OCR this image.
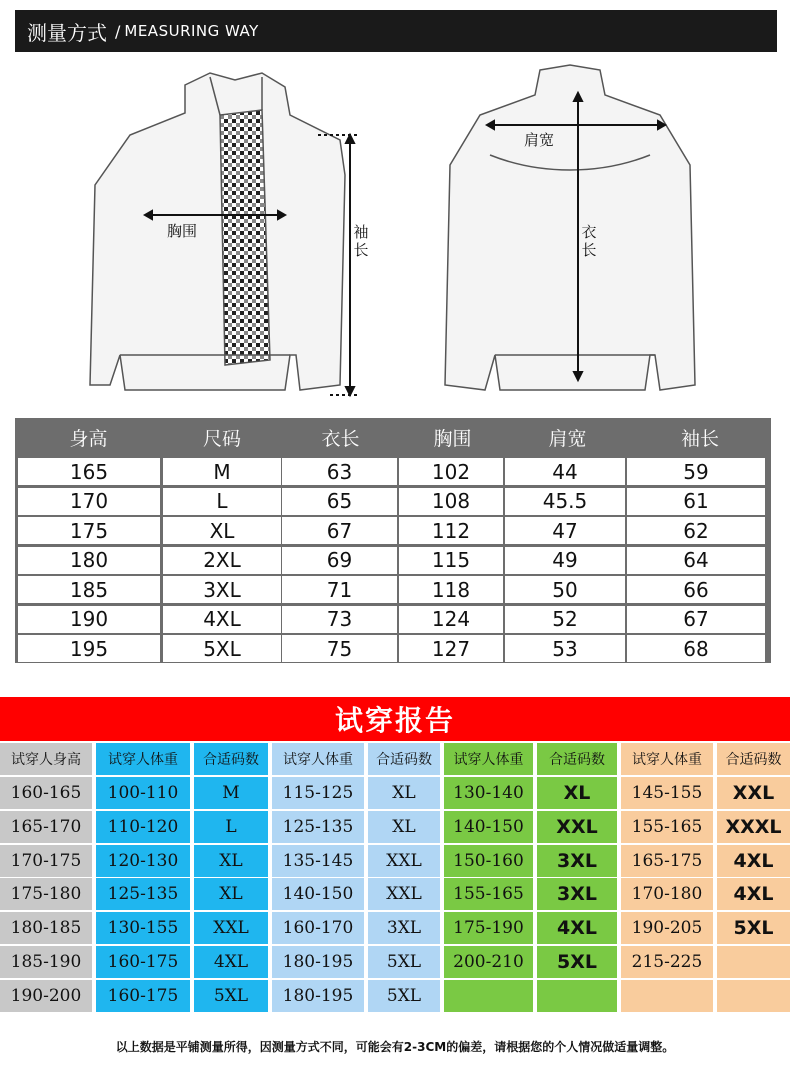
测量方式 / MEASURING WAY
胸围	袖
长
肩宽
衣
长
身高	尺码	衣长	胸围	肩宽	袖长
165	M	63	102	44	59
170	L	65	108	45.5	61
175	XL	67	112	47	62
180	2XL	69	115	49	64
185	3XL	71	118	50	66
190	4XL	73	124	52	67
195	5XL	75	127	53	68
试穿报告
试穿人身高	试穿人体重	合适码数	试穿人体重	合适码数	试穿人体重	合适码数	试穿人体重	合适码数
160-165	100-110	M	115-125	XL	130-140	XL	145-155	XXL
165-170	110-120	L	125-135	XL	140-150	XXL	155-165	XXXL
170-175	120-130	XL	135-145	XXL	150-160	3XL	165-175	4XL
175-180	125-135	XL	140-150	XXL	155-165	3XL	170-180	4XL
180-185	130-155	XXL	160-170	3XL	175-190	4XL	190-205	5XL
185-190	160-175	4XL	180-195	5XL	200-210	5XL	215-225
190-200	160-175	5XL	180-195	5XL
以上数据是平铺测量所得，因测量方式不同，可能会有2-3CM的偏差，请根据您的个人情况做适量调整。
